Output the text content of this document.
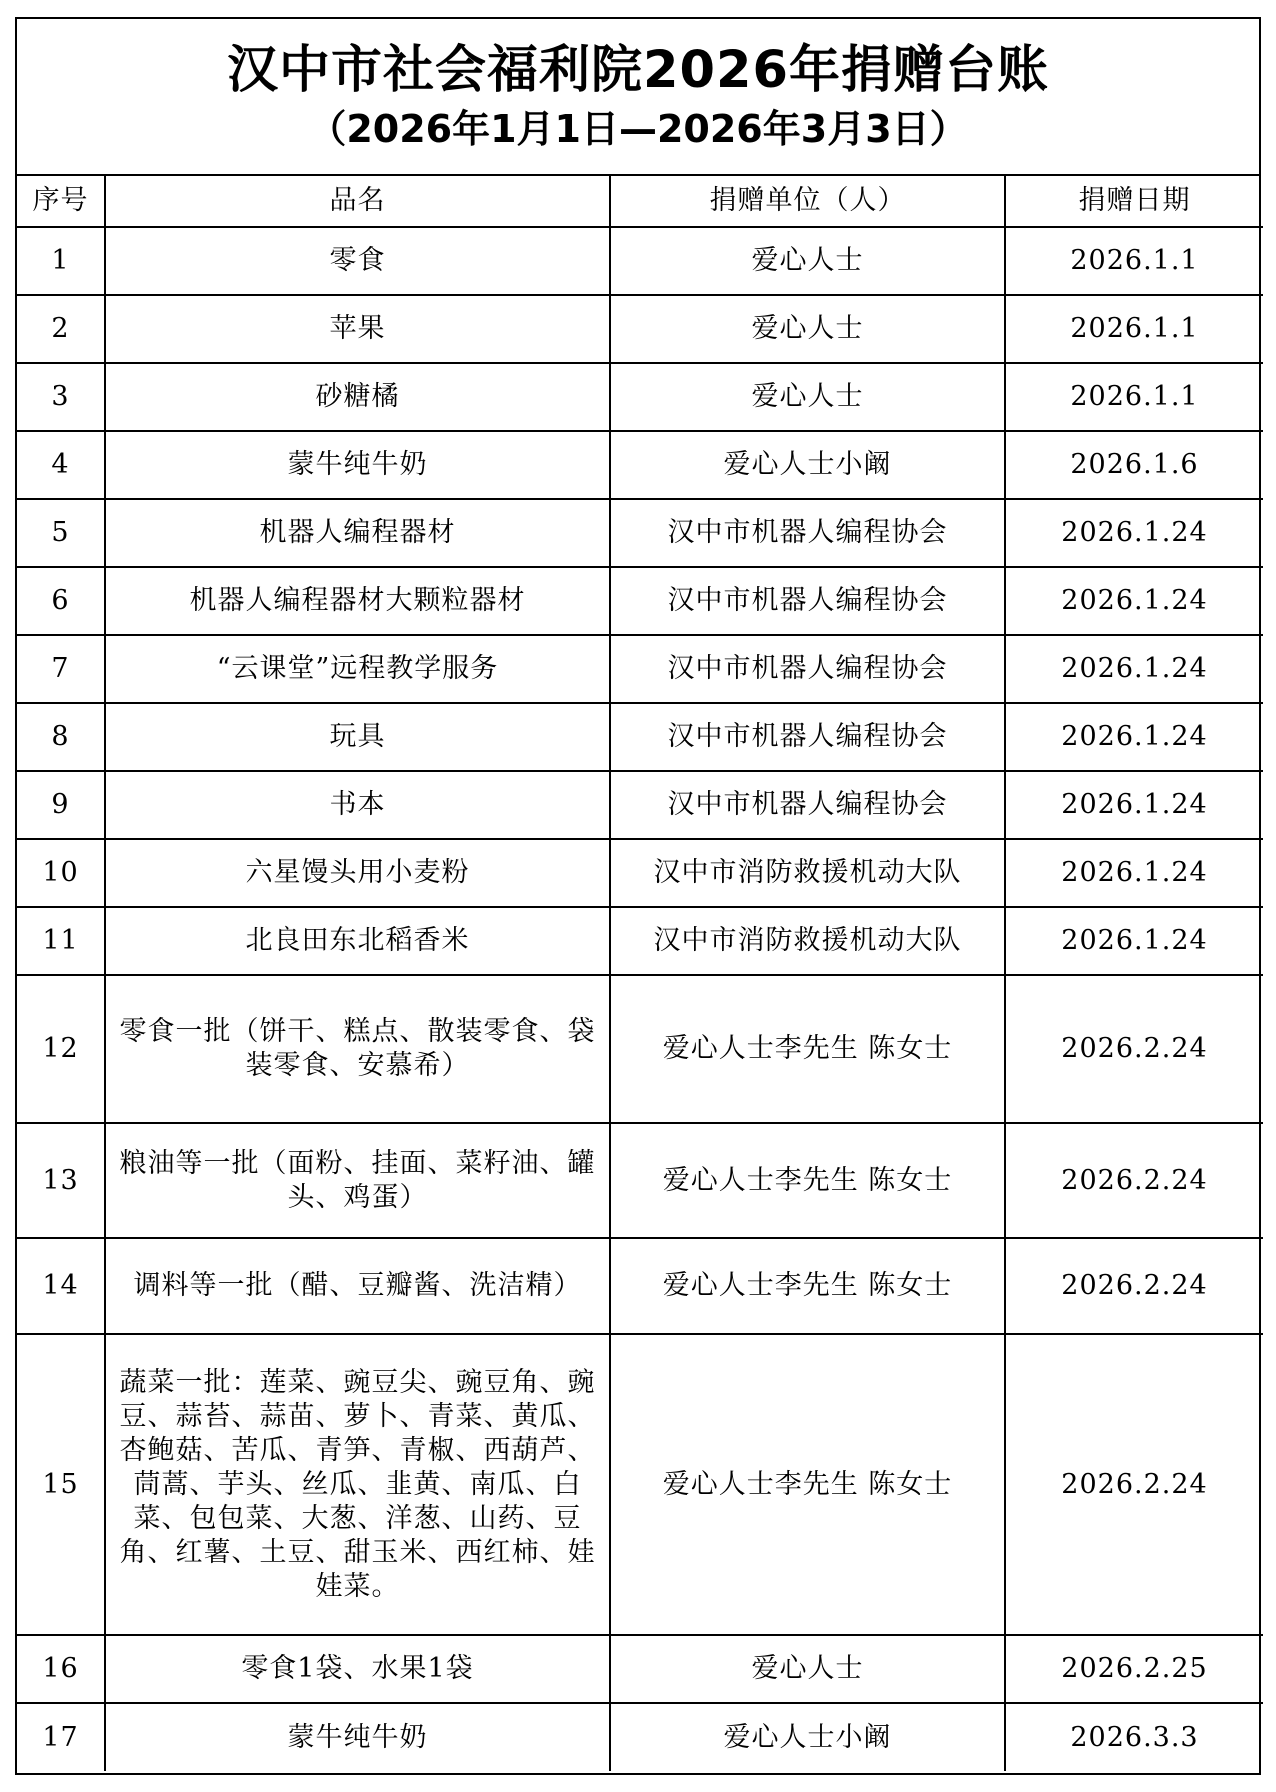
汉中市社会福利院2026年捐赠台账
（2026年1月1日—2026年3月3日）
序号	品名	捐赠单位（人）	捐赠日期
1	零食	爱心人士	2026.1.1
2	苹果	爱心人士	2026.1.1
3	砂糖橘	爱心人士	2026.1.1
4	蒙牛纯牛奶	爱心人士小阚	2026.1.6
5	机器人编程器材	汉中市机器人编程协会	2026.1.24
6	机器人编程器材大颗粒器材	汉中市机器人编程协会	2026.1.24
7	“云课堂”远程教学服务	汉中市机器人编程协会	2026.1.24
8	玩具	汉中市机器人编程协会	2026.1.24
9	书本	汉中市机器人编程协会	2026.1.24
10	六星馒头用小麦粉	汉中市消防救援机动大队	2026.1.24
11	北良田东北稻香米	汉中市消防救援机动大队	2026.1.24
12	零食一批（饼干、糕点、散装零食、袋装零食、安慕希）	爱心人士李先生 陈女士	2026.2.24
13	粮油等一批（面粉、挂面、菜籽油、罐头、鸡蛋）	爱心人士李先生 陈女士	2026.2.24
14	调料等一批（醋、豆瓣酱、洗洁精）	爱心人士李先生 陈女士	2026.2.24
15	蔬菜一批：莲菜、豌豆尖、豌豆角、豌豆、蒜苔、蒜苗、萝卜、青菜、黄瓜、杏鲍菇、苦瓜、青笋、青椒、西葫芦、茼蒿、芋头、丝瓜、韭黄、南瓜、白菜、包包菜、大葱、洋葱、山药、豆角、红薯、土豆、甜玉米、西红柿、娃娃菜。	爱心人士李先生 陈女士	2026.2.24
16	零食1袋、水果1袋	爱心人士	2026.2.25
17	蒙牛纯牛奶	爱心人士小阚	2026.3.3
